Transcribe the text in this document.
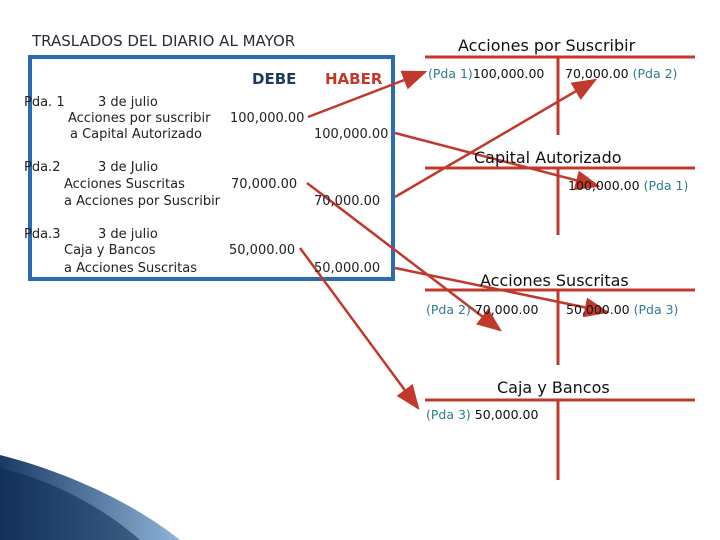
TRASLADOS DEL DIARIO AL MAYOR
DEBE HABER
Pda. 1	3 de julio
Acciones por suscribir 100,000.00
a Capital Autorizado	100,000.00
Pda.2	3 de Julio
Acciones Suscritas	70,000.00
a Acciones por Suscribir	70,000.00
Pda.3	3 de julio
Caja y Bancos	50,000.00
a Acciones Suscritas	50,000.00
Acciones por Suscribir
(Pda 1)100,000.00 70,000.00 (Pda 2)
Capital Autorizado
100,000.00 (Pda 1)
Acciones Suscritas
(Pda 2) 70,000.00 50,000.00 (Pda 3)
Caja y Bancos
(Pda 3) 50,000.00
